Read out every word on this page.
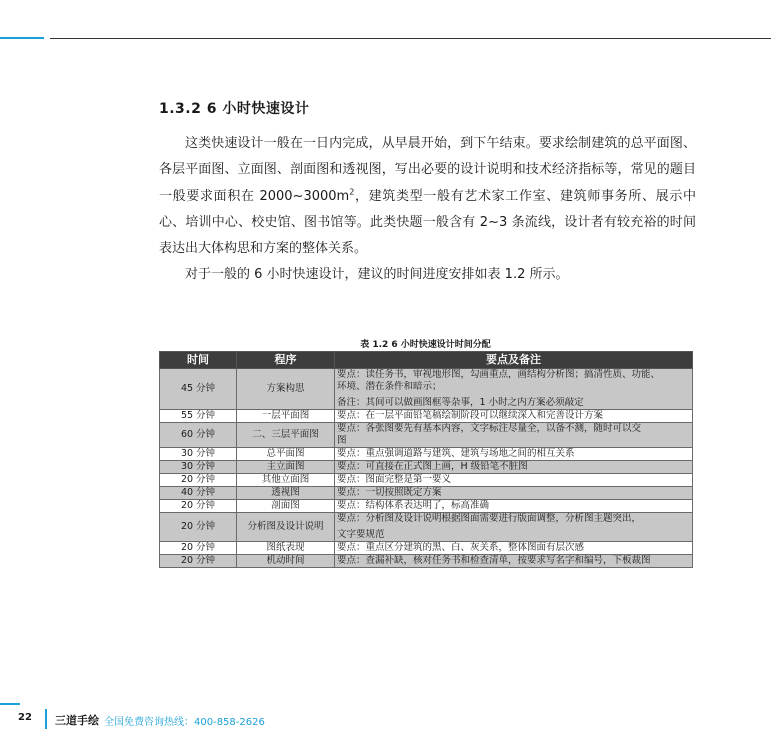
1.3.2 6 小时快速设计

这类快速设计一般在一日内完成，从早晨开始，到下午结束。要求绘制建筑的总平面图、各层平面图、立面图、剖面图和透视图，写出必要的设计说明和技术经济指标等，常见的题目一般要求面积在 $2000\sim 3000m^2$，建筑类型一般有艺术家工作室、建筑师事务所、展示中心、培训中心、校史馆、图书馆等。此类快题一般含有 2~3 条流线，设计者有较充裕的时间表达出大体构思和方案的整体关系。

对于一般的 6 小时快速设计，建议的时间进度安排如表 1.2 所示。

表 1.2 6 小时快速设计时间分配
时间	程序	要点及备注
45 分钟	方案构思	要点：读任务书，审视地形图，勾画重点，画结构分析图；搞清性质、功能、
环境、潜在条件和暗示；
备注：其间可以做画图框等杂事，1 小时之内方案必须敲定

55 分钟	一层平面图	要点：在一层平面铅笔稿绘制阶段可以继续深入和完善设计方案

60 分钟	二、三层平面图	要点：各张图要先有基本内容，文字标注尽量全，以备不测，随时可以交
图

30 分钟	总平面图	要点：重点强调道路与建筑、建筑与场地之间的相互关系

30 分钟	主立面图	要点：可直接在正式图上画，H 级铅笔不脏图

20 分钟	其他立面图	要点：图面完整是第一要义

40 分钟	透视图	要点：一切按照既定方案

20 分钟	剖面图	要点：结构体系表达明了，标高准确

20 分钟	分析图及设计说明	要点：分析图及设计说明根据图面需要进行版面调整，分析图主题突出，
文字要规范

20 分钟	图纸表现	要点：重点区分建筑的黑、白、灰关系，整体图面有层次感

20 分钟	机动时间	要点：查漏补缺，核对任务书和检查清单，按要求写名字和编号，下板裁图
22 三道手绘 全国免费咨询热线：400-858-2626
